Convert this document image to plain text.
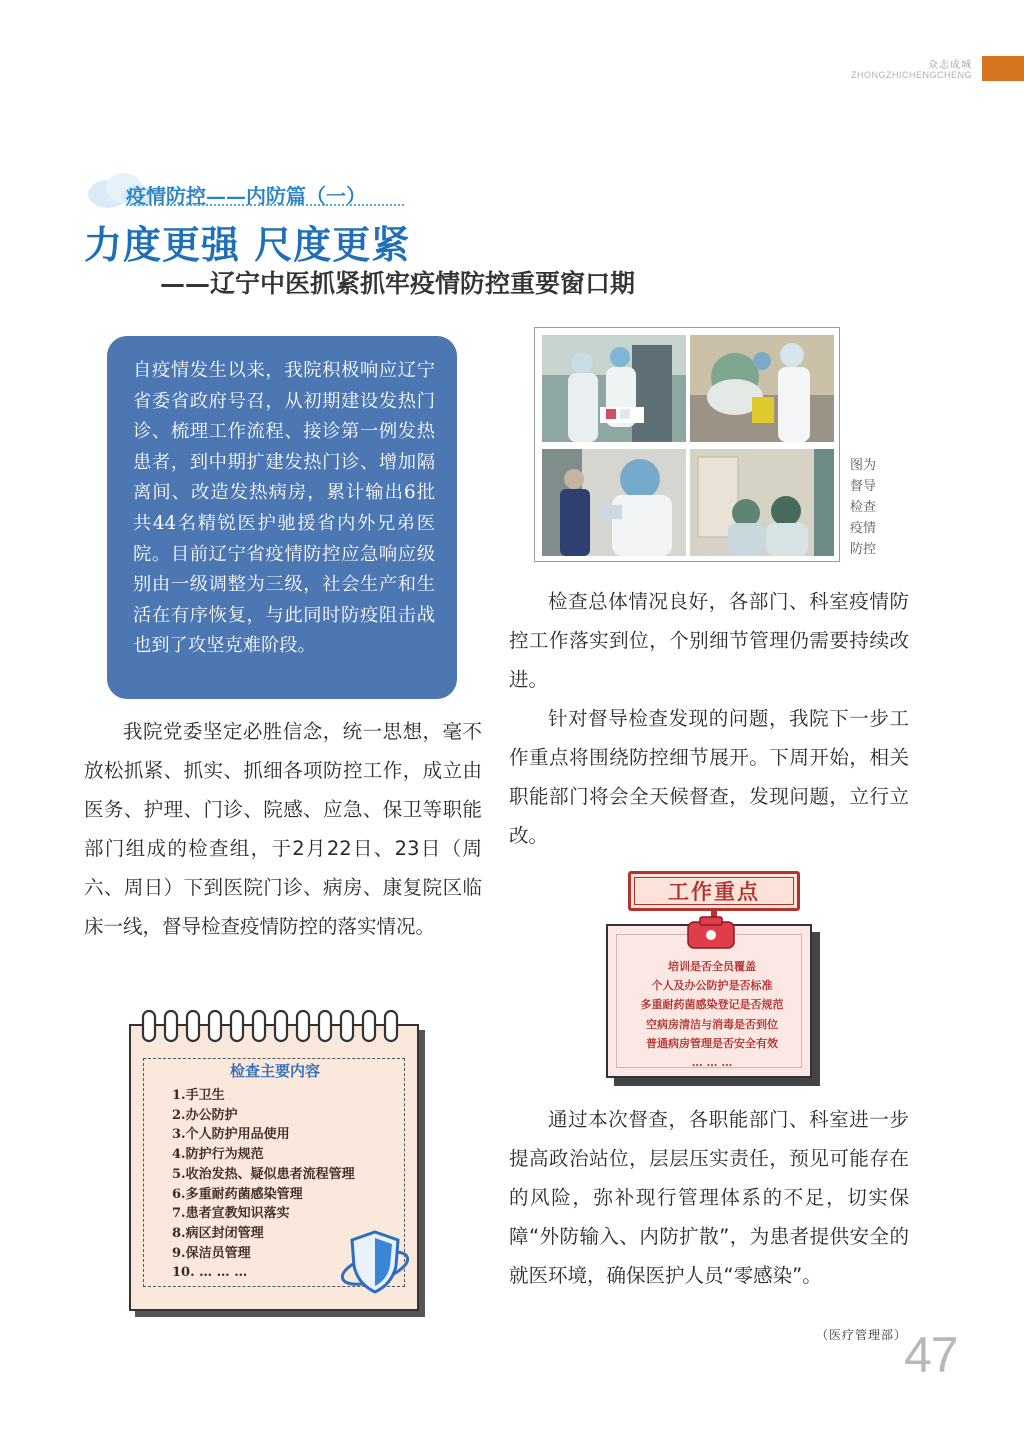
众志成城
ZHONGZHICHENGCHENG
疫情防控——内防篇（一）
力度更强 尺度更紧
——辽宁中医抓紧抓牢疫情防控重要窗口期

自疫情发生以来，我院积极响应辽宁省委省政府号召，从初期建设发热门诊、梳理工作流程、接诊第一例发热患者，到中期扩建发热门诊、增加隔离间、改造发热病房，累计输出6批共44名精锐医护驰援省内外兄弟医院。目前辽宁省疫情防控应急响应级别由一级调整为三级，社会生产和生活在有序恢复，与此同时防疫阻击战也到了攻坚克难阶段。

我院党委坚定必胜信念，统一思想，毫不放松抓紧、抓实、抓细各项防控工作，成立由医务、护理、门诊、院感、应急、保卫等职能部门组成的检查组，于2月22日、23日（周六、周日）下到医院门诊、病房、康复院区临床一线，督导检查疫情防控的落实情况。

图为督导检查疫情防控

检查总体情况良好，各部门、科室疫情防控工作落实到位，个别细节管理仍需要持续改进。

针对督导检查发现的问题，我院下一步工作重点将围绕防控细节展开。下周开始，相关职能部门将会全天候督查，发现问题，立行立改。

工作重点
培训是否全员覆盖
个人及办公防护是否标准
多重耐药菌感染登记是否规范
空病房清洁与消毒是否到位
普通病房管理是否安全有效
… … …

通过本次督查，各职能部门、科室进一步提高政治站位，层层压实责任，预见可能存在的风险，弥补现行管理体系的不足，切实保障“外防输入、内防扩散”，为患者提供安全的就医环境，确保医护人员“零感染”。

检查主要内容
1.手卫生
2.办公防护
3.个人防护用品使用
4.防护行为规范
5.收治发热、疑似患者流程管理
6.多重耐药菌感染管理
7.患者宣教知识落实
8.病区封闭管理
9.保洁员管理
10. … … …
（医疗管理部）
47
